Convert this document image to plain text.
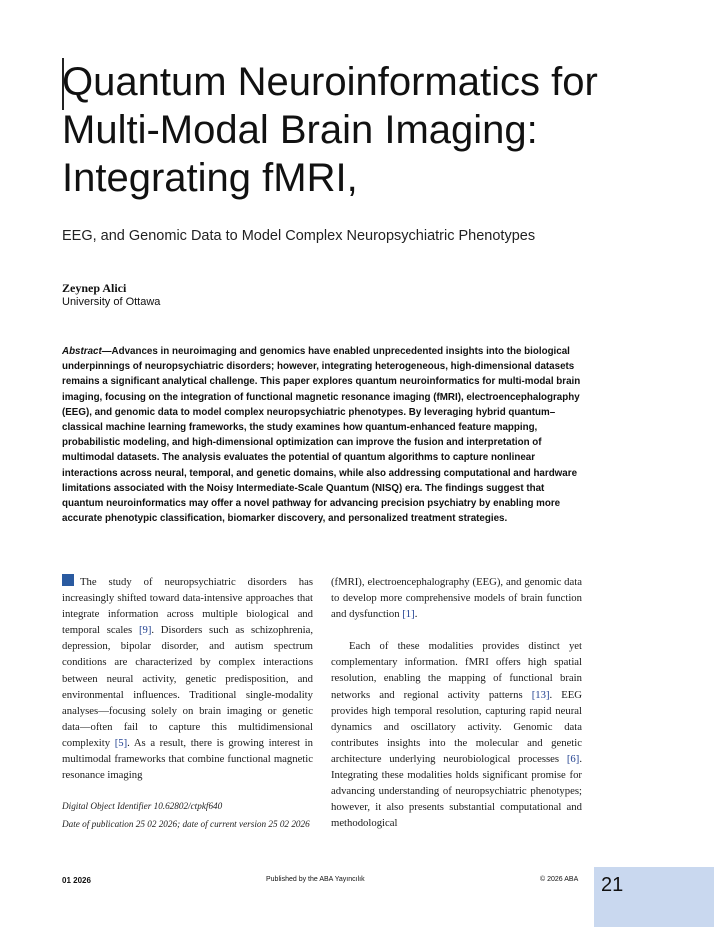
Quantum Neuroinformatics for Multi-Modal Brain Imaging: Integrating fMRI,

EEG, and Genomic Data to Model Complex Neuropsychiatric Phenotypes

Zeynep Alici
University of Ottawa

Abstract—Advances in neuroimaging and genomics have enabled unprecedented insights into the biological underpinnings of neuropsychiatric disorders; however, integrating heterogeneous, high-dimensional datasets remains a significant analytical challenge. This paper explores quantum neuroinformatics for multi-modal brain imaging, focusing on the integration of functional magnetic resonance imaging (fMRI), electroencephalography (EEG), and genomic data to model complex neuropsychiatric phenotypes. By leveraging hybrid quantum–classical machine learning frameworks, the study examines how quantum-enhanced feature mapping, probabilistic modeling, and high-dimensional optimization can improve the fusion and interpretation of multimodal datasets. The analysis evaluates the potential of quantum algorithms to capture nonlinear interactions across neural, temporal, and genetic domains, while also addressing computational and hardware limitations associated with the Noisy Intermediate-Scale Quantum (NISQ) era. The findings suggest that quantum neuroinformatics may offer a novel pathway for advancing precision psychiatry by enabling more accurate phenotypic classification, biomarker discovery, and personalized treatment strategies.

The study of neuropsychiatric disorders has increasingly shifted toward data-intensive approaches that integrate information across multiple biological and temporal scales [9]. Disorders such as schizophrenia, depression, bipolar disorder, and autism spectrum conditions are characterized by complex interactions between neural activity, genetic predisposition, and environmental influences. Traditional single-modality analyses—focusing solely on brain imaging or genetic data—often fail to capture this multidimensional complexity [5]. As a result, there is growing interest in multimodal frameworks that combine functional magnetic resonance imaging

(fMRI), electroencephalography (EEG), and genomic data to develop more comprehensive models of brain function and dysfunction [1].

Each of these modalities provides distinct yet complementary information. fMRI offers high spatial resolution, enabling the mapping of functional brain networks and regional activity patterns [13]. EEG provides high temporal resolution, capturing rapid neural dynamics and oscillatory activity. Genomic data contributes insights into the molecular and genetic architecture underlying neurobiological processes [6]. Integrating these modalities holds significant promise for advancing understanding of neuropsychiatric phenotypes; however, it also presents substantial computational and methodological

Digital Object Identifier 10.62802/ctpkf640
Date of publication 25 02 2026; date of current version 25 02 2026
01 2026	Published by the ABA Yayıncılık	© 2026 ABA 21
